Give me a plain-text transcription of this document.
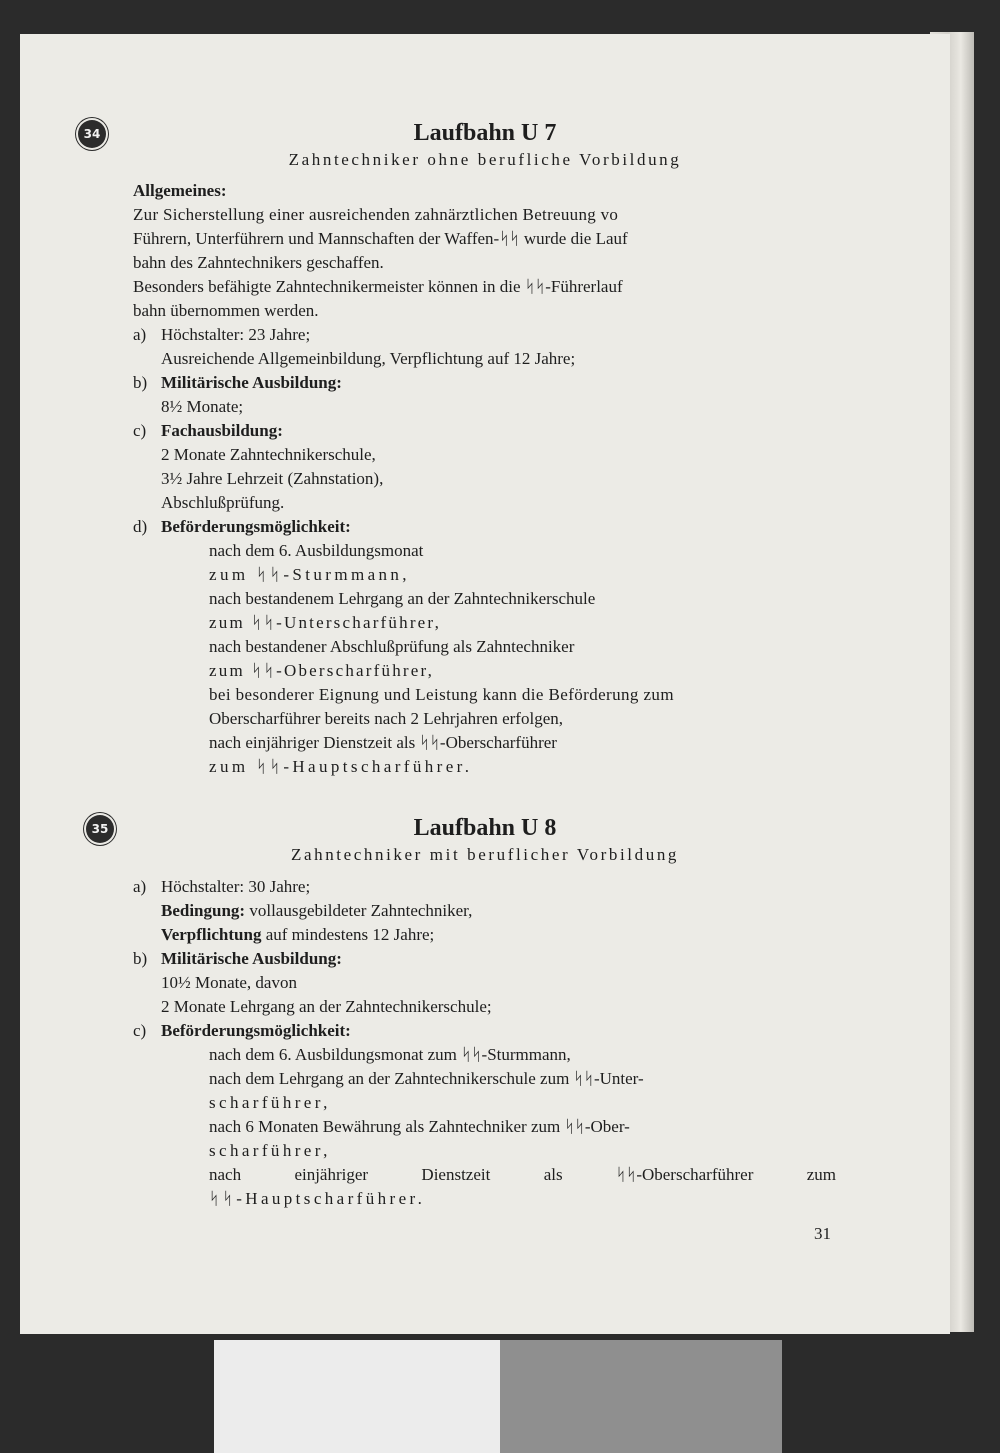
34	Laufbahn U 7
Zahntechniker ohne berufliche Vorbildung
Allgemeines:
Zur Sicherstellung einer ausreichenden zahnärztlichen Betreuung vo
Führern, Unterführern und Mannschaften der Waffen-ᛋᛋ wurde die Lauf
bahn des Zahntechnikers geschaffen.
Besonders befähigte Zahntechnikermeister können in die ᛋᛋ-Führerlauf
bahn übernommen werden.
a) Höchstalter: 23 Jahre;
Ausreichende Allgemeinbildung, Verpflichtung auf 12 Jahre;
b) Militärische Ausbildung:
8½ Monate;
c) Fachausbildung:
2 Monate Zahntechnikerschule,
3½ Jahre Lehrzeit (Zahnstation),
Abschlußprüfung.
d) Beförderungsmöglichkeit:
nach dem 6. Ausbildungsmonat
zum ᛋᛋ-Sturmmann,
nach bestandenem Lehrgang an der Zahntechnikerschule
zum ᛋᛋ-Unterscharführer,
nach bestandener Abschlußprüfung als Zahntechniker
zum ᛋᛋ-Oberscharführer,
bei besonderer Eignung und Leistung kann die Beförderung zum
Oberscharführer bereits nach 2 Lehrjahren erfolgen,
nach einjähriger Dienstzeit als ᛋᛋ-Oberscharführer
zum ᛋᛋ-Hauptscharführer.
35	Laufbahn U 8
Zahntechniker mit beruflicher Vorbildung
a) Höchstalter: 30 Jahre;
Bedingung: vollausgebildeter Zahntechniker,
Verpflichtung auf mindestens 12 Jahre;
b) Militärische Ausbildung:
10½ Monate, davon
2 Monate Lehrgang an der Zahntechnikerschule;
c) Beförderungsmöglichkeit:
nach dem 6. Ausbildungsmonat zum ᛋᛋ-Sturmmann,
nach dem Lehrgang an der Zahntechnikerschule zum ᛋᛋ-Unter-
scharführer,
nach 6 Monaten Bewährung als Zahntechniker zum ᛋᛋ-Ober-
scharführer,
nach	einjähriger	Dienstzeit	als	ᛋᛋ-Oberscharführer	zum
ᛋᛋ-Hauptscharführer.
31
